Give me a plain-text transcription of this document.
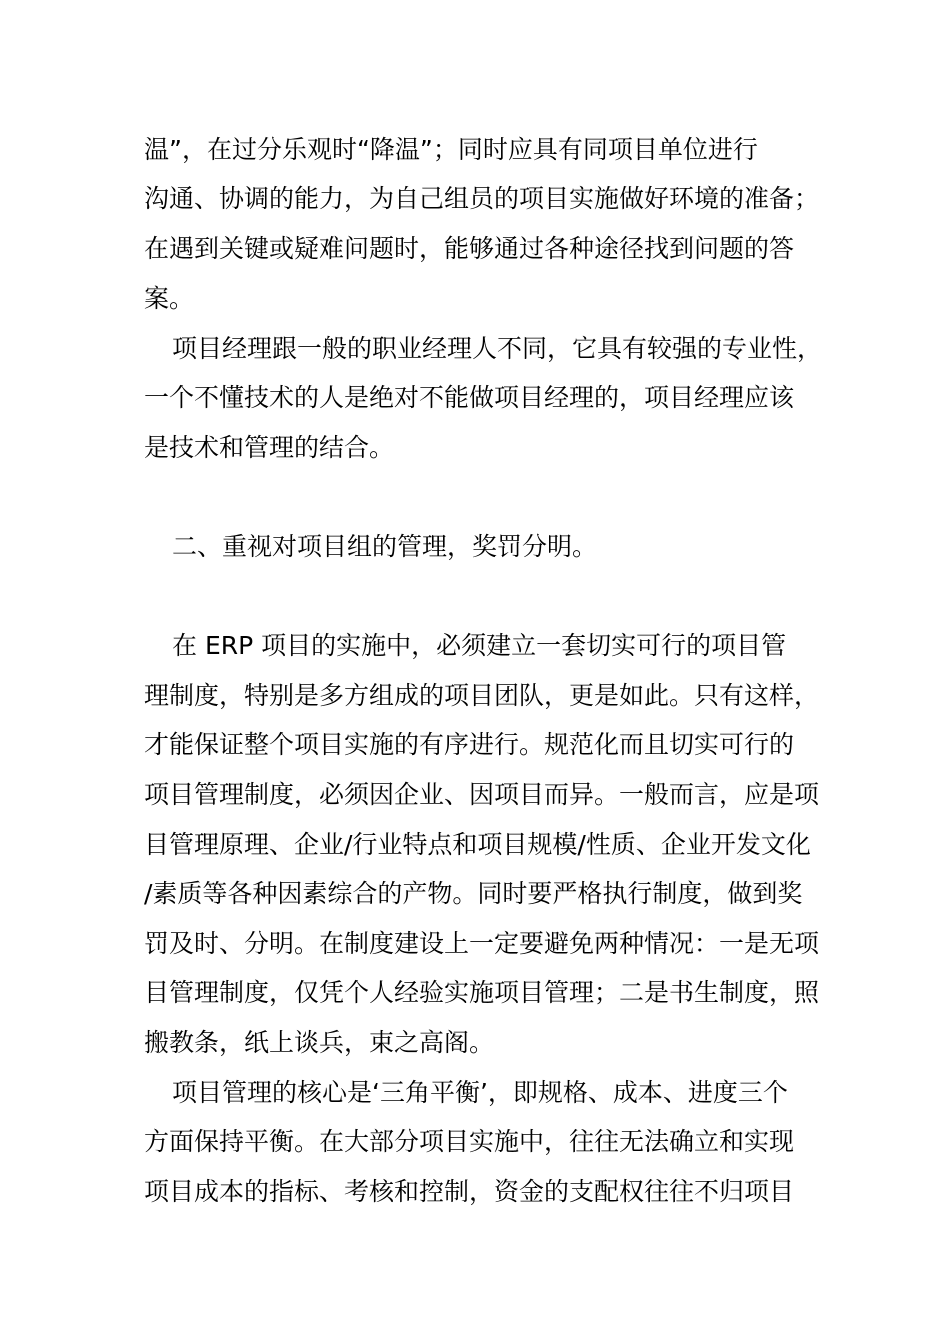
温”，在过分乐观时“降温”；同时应具有同项目单位进行
沟通、协调的能力，为自己组员的项目实施做好环境的准备；
在遇到关键或疑难问题时，能够通过各种途径找到问题的答
案。
项目经理跟一般的职业经理人不同，它具有较强的专业性，
一个不懂技术的人是绝对不能做项目经理的，项目经理应该
是技术和管理的结合。
二、重视对项目组的管理，奖罚分明。
在 ERP 项目的实施中，必须建立一套切实可行的项目管
理制度，特别是多方组成的项目团队，更是如此。只有这样，
才能保证整个项目实施的有序进行。规范化而且切实可行的
项目管理制度，必须因企业、因项目而异。一般而言，应是项
目管理原理、企业/行业特点和项目规模/性质、企业开发文化
/素质等各种因素综合的产物。同时要严格执行制度，做到奖
罚及时、分明。在制度建设上一定要避免两种情况：一是无项
目管理制度，仅凭个人经验实施项目管理；二是书生制度，照
搬教条，纸上谈兵，束之高阁。
项目管理的核心是‘三角平衡’，即规格、成本、进度三个
方面保持平衡。在大部分项目实施中，往往无法确立和实现
项目成本的指标、考核和控制，资金的支配权往往不归项目
